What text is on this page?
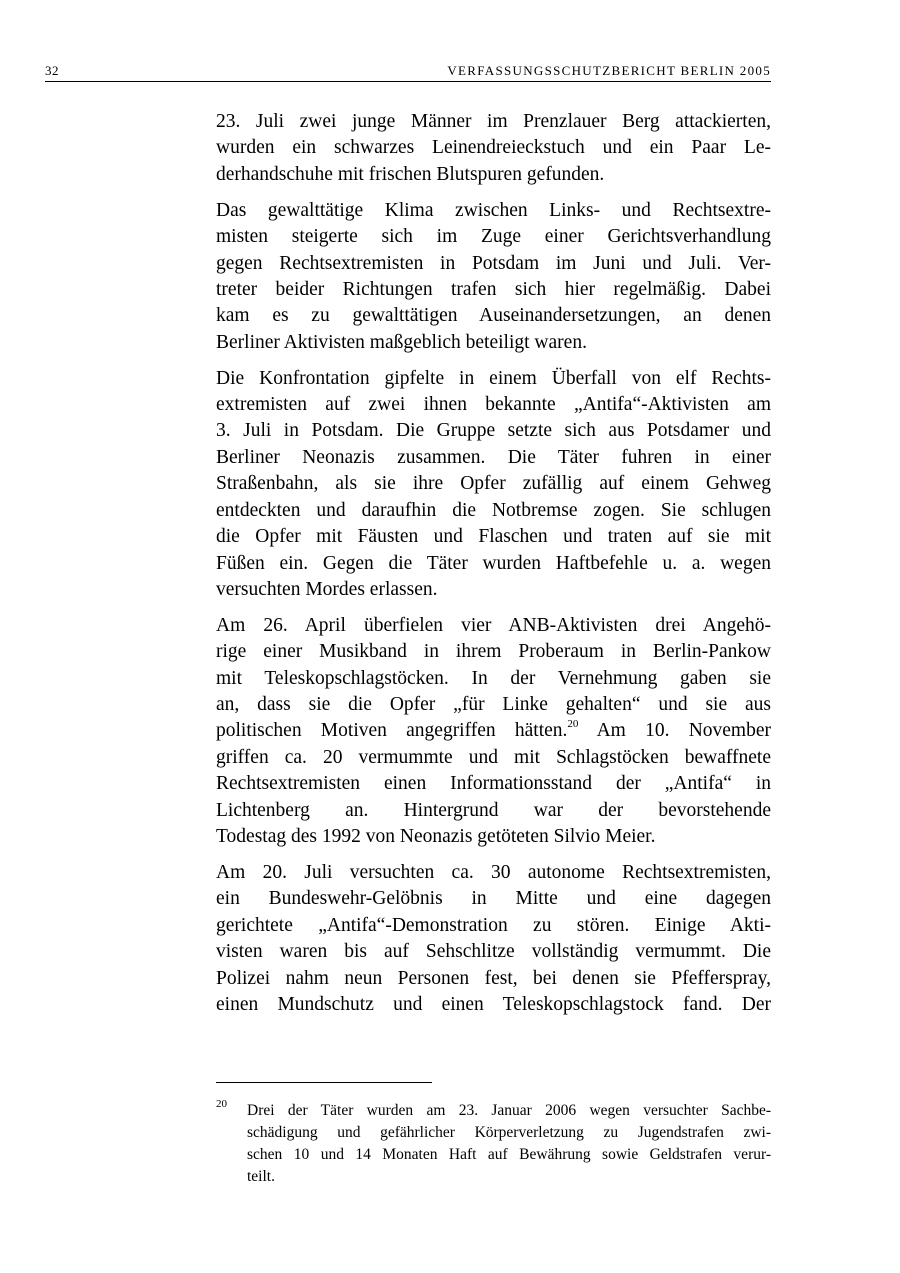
32	VERFASSUNGSSCHUTZBERICHT BERLIN 2005

23. Juli zwei junge Männer im Prenzlauer Berg attackierten,
wurden ein schwarzes Leinendreieckstuch und ein Paar Le-
derhandschuhe mit frischen Blutspuren gefunden.

Das gewalttätige Klima zwischen Links- und Rechtsextre-
misten steigerte sich im Zuge einer Gerichtsverhandlung
gegen Rechtsextremisten in Potsdam im Juni und Juli. Ver-
treter beider Richtungen trafen sich hier regelmäßig. Dabei
kam es zu gewalttätigen Auseinandersetzungen, an denen
Berliner Aktivisten maßgeblich beteiligt waren.

Die Konfrontation gipfelte in einem Überfall von elf Rechts-
extremisten auf zwei ihnen bekannte „Antifa“-Aktivisten am
3. Juli in Potsdam. Die Gruppe setzte sich aus Potsdamer und
Berliner Neonazis zusammen. Die Täter fuhren in einer
Straßenbahn, als sie ihre Opfer zufällig auf einem Gehweg
entdeckten und daraufhin die Notbremse zogen. Sie schlugen
die Opfer mit Fäusten und Flaschen und traten auf sie mit
Füßen ein. Gegen die Täter wurden Haftbefehle u. a. wegen
versuchten Mordes erlassen.

Am 26. April überfielen vier ANB-Aktivisten drei Angehö-
rige einer Musikband in ihrem Proberaum in Berlin-Pankow
mit Teleskopschlagstöcken. In der Vernehmung gaben sie
an, dass sie die Opfer „für Linke gehalten“ und sie aus
politischen Motiven angegriffen hätten.$^{20}$ Am 10. November
griffen ca. 20 vermummte und mit Schlagstöcken bewaffnete
Rechtsextremisten einen Informationsstand der „Antifa“ in
Lichtenberg an. Hintergrund war der bevorstehende
Todestag des 1992 von Neonazis getöteten Silvio Meier.

Am 20. Juli versuchten ca. 30 autonome Rechtsextremisten,
ein Bundeswehr-Gelöbnis in Mitte und eine dagegen
gerichtete „Antifa“-Demonstration zu stören. Einige Akti-
visten waren bis auf Sehschlitze vollständig vermummt. Die
Polizei nahm neun Personen fest, bei denen sie Pfefferspray,
einen Mundschutz und einen Teleskopschlagstock fand. Der

20 Drei der Täter wurden am 23. Januar 2006 wegen versuchter Sachbe-
schädigung und gefährlicher Körperverletzung zu Jugendstrafen zwi-
schen 10 und 14 Monaten Haft auf Bewährung sowie Geldstrafen verur-
teilt.
